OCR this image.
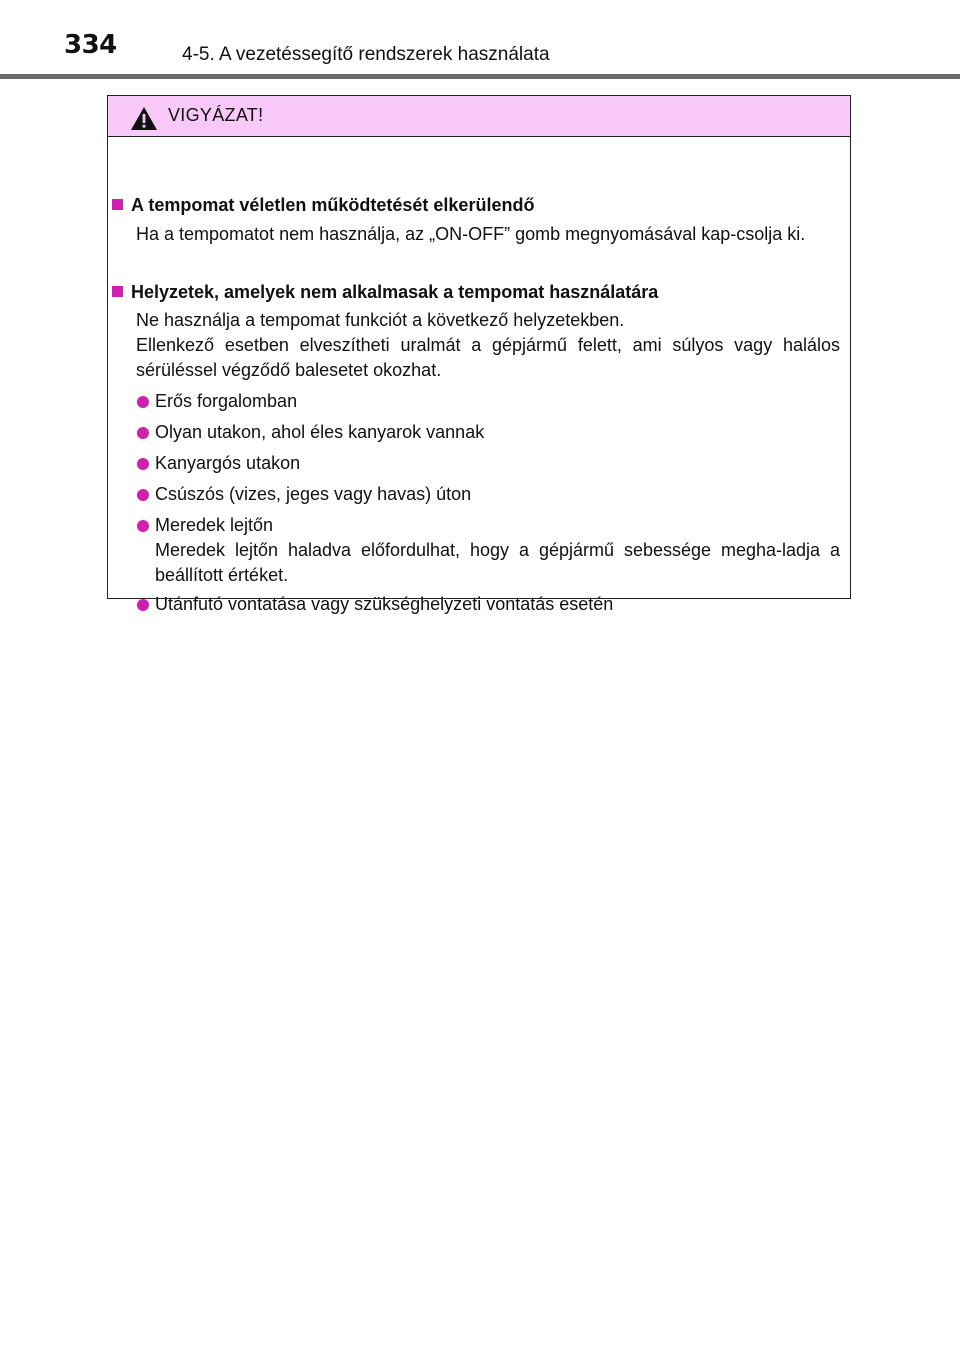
334	4-5. A vezetéssegítő rendszerek használata
VIGYÁZAT!
A tempomat véletlen működtetését elkerülendő
Ha a tempomatot nem használja, az „ON-OFF” gomb megnyomásával kap-csolja ki.
Helyzetek, amelyek nem alkalmasak a tempomat használatára
Ne használja a tempomat funkciót a következő helyzetekben.
Ellenkező esetben elveszítheti uralmát a gépjármű felett, ami súlyos vagy halálos sérüléssel végződő balesetet okozhat.
Erős forgalomban
Olyan utakon, ahol éles kanyarok vannak
Kanyargós utakon
Csúszós (vizes, jeges vagy havas) úton
Meredek lejtőn
Meredek lejtőn haladva előfordulhat, hogy a gépjármű sebessége megha-ladja a beállított értéket.
Utánfutó vontatása vagy szükséghelyzeti vontatás esetén
